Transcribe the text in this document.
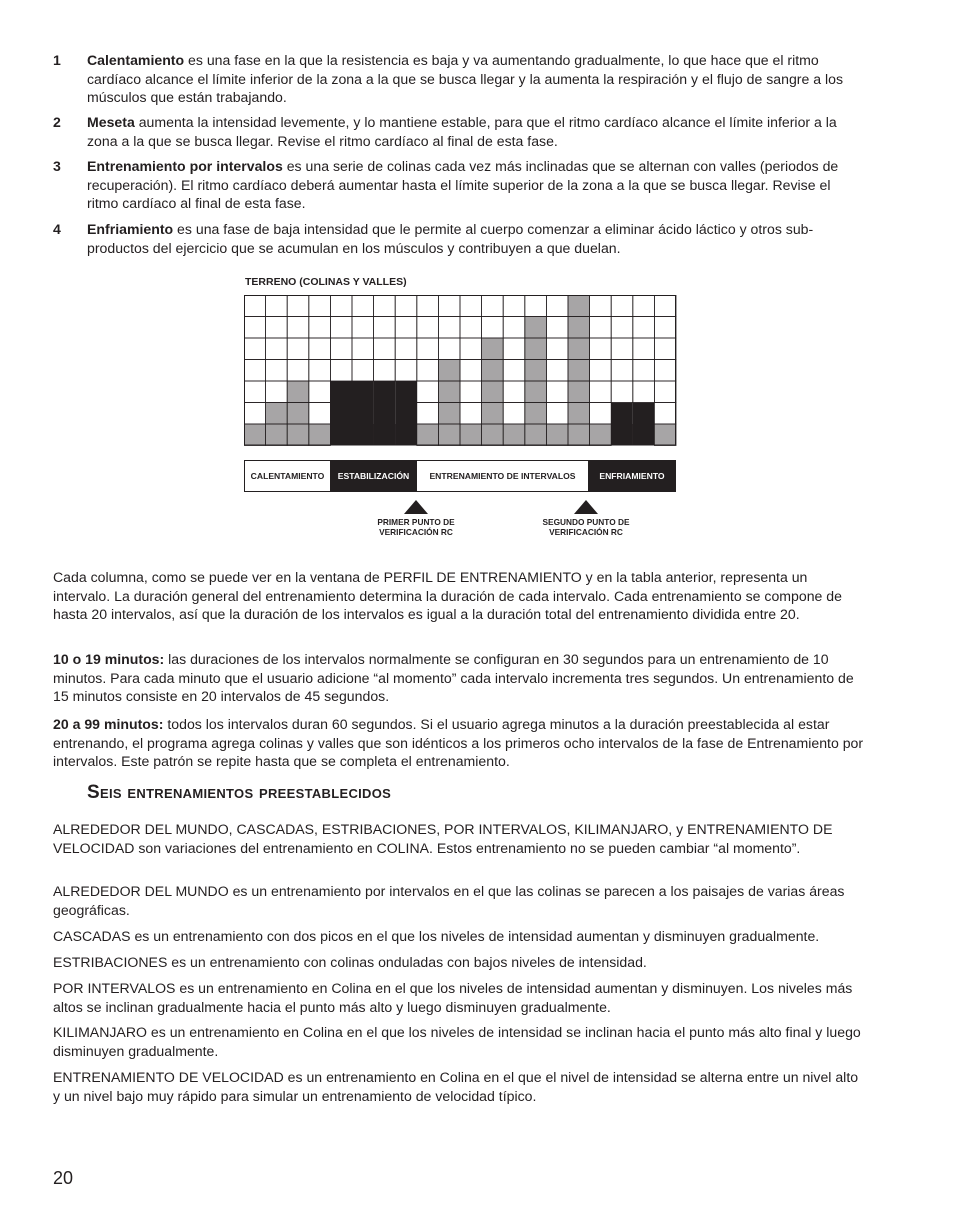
1 Calentamiento es una fase en la que la resistencia es baja y va aumentando gradualmente, lo que hace que el ritmo cardíaco alcance el límite inferior de la zona a la que se busca llegar y la aumenta la respiración y el flujo de sangre a los músculos que están trabajando.
2 Meseta aumenta la intensidad levemente, y lo mantiene estable, para que el ritmo cardíaco alcance el límite inferior a la zona a la que se busca llegar. Revise el ritmo cardíaco al final de esta fase.
3 Entrenamiento por intervalos es una serie de colinas cada vez más inclinadas que se alternan con valles (periodos de recuperación). El ritmo cardíaco deberá aumentar hasta el límite superior de la zona a la que se busca llegar. Revise el ritmo cardíaco al final de esta fase.
4 Enfriamiento es una fase de baja intensidad que le permite al cuerpo comenzar a eliminar ácido láctico y otros sub-productos del ejercicio que se acumulan en los músculos y contribuyen a que duelan.
TERRENO (COLINAS Y VALLES)
CALENTAMIENTO	ESTABILIZACIÓN	ENTRENAMIENTO DE INTERVALOS	ENFRIAMIENTO
PRIMER PUNTO DE VERIFICACIÓN RC
SEGUNDO PUNTO DE VERIFICACIÓN RC
Cada columna, como se puede ver en la ventana de PERFIL DE ENTRENAMIENTO y en la tabla anterior, representa un intervalo. La duración general del entrenamiento determina la duración de cada intervalo. Cada entrenamiento se compone de hasta 20 intervalos, así que la duración de los intervalos es igual a la duración total del entrenamiento dividida entre 20.
10 o 19 minutos: las duraciones de los intervalos normalmente se configuran en 30 segundos para un entrenamiento de 10 minutos. Para cada minuto que el usuario adicione “al momento” cada intervalo incrementa tres segundos. Un entrenamiento de 15 minutos consiste en 20 intervalos de 45 segundos.
20 a 99 minutos: todos los intervalos duran 60 segundos. Si el usuario agrega minutos a la duración preestablecida al estar entrenando, el programa agrega colinas y valles que son idénticos a los primeros ocho intervalos de la fase de Entrenamiento por intervalos. Este patrón se repite hasta que se completa el entrenamiento.
Seis entrenamientos preestablecidos
ALREDEDOR DEL MUNDO, CASCADAS, ESTRIBACIONES, POR INTERVALOS, KILIMANJARO, y ENTRENAMIENTO DE VELOCIDAD son variaciones del entrenamiento en COLINA. Estos entrenamiento no se pueden cambiar “al momento”.
ALREDEDOR DEL MUNDO es un entrenamiento por intervalos en el que las colinas se parecen a los paisajes de varias áreas geográficas.
CASCADAS es un entrenamiento con dos picos en el que los niveles de intensidad aumentan y disminuyen gradualmente.
ESTRIBACIONES es un entrenamiento con colinas onduladas con bajos niveles de intensidad.
POR INTERVALOS es un entrenamiento en Colina en el que los niveles de intensidad aumentan y disminuyen. Los niveles más altos se inclinan gradualmente hacia el punto más alto y luego disminuyen gradualmente.
KILIMANJARO es un entrenamiento en Colina en el que los niveles de intensidad se inclinan hacia el punto más alto final y luego disminuyen gradualmente.
ENTRENAMIENTO DE VELOCIDAD es un entrenamiento en Colina en el que el nivel de intensidad se alterna entre un nivel alto y un nivel bajo muy rápido para simular un entrenamiento de velocidad típico.
20
